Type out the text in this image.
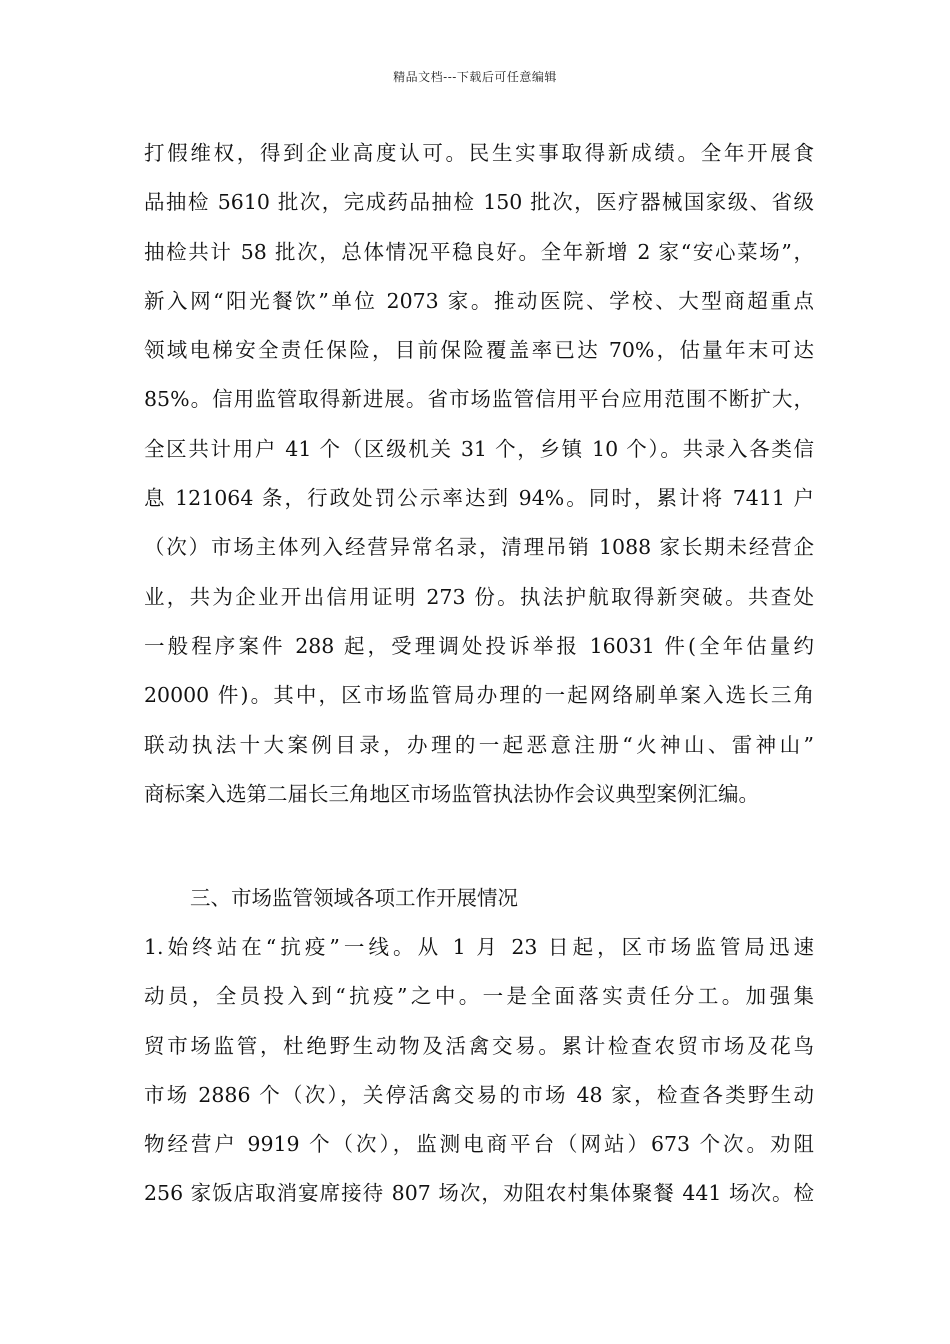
精品文档---下载后可任意编辑
打假维权，得到企业高度认可。民生实事取得新成绩。全年开展食
品抽检 5610 批次，完成药品抽检 150 批次，医疗器械国家级、省级
抽检共计 58 批次，总体情况平稳良好。全年新增 2 家“安心菜场”，
新入网“阳光餐饮”单位 2073 家。推动医院、学校、大型商超重点
领域电梯安全责任保险，目前保险覆盖率已达 70%，估量年末可达
85%。信用监管取得新进展。省市场监管信用平台应用范围不断扩大，
全区共计用户 41 个（区级机关 31 个，乡镇 10 个）。共录入各类信
息 121064 条，行政处罚公示率达到 94%。同时，累计将 7411 户
（次）市场主体列入经营异常名录，清理吊销 1088 家长期未经营企
业，共为企业开出信用证明 273 份。执法护航取得新突破。共查处
一般程序案件 288 起，受理调处投诉举报 16031 件(全年估量约
20000 件)。其中，区市场监管局办理的一起网络刷单案入选长三角
联动执法十大案例目录，办理的一起恶意注册“火神山、雷神山”
商标案入选第二届长三角地区市场监管执法协作会议典型案例汇编。
三、市场监管领域各项工作开展情况
1.始终站在“抗疫”一线。从 1 月 23 日起，区市场监管局迅速
动员，全员投入到“抗疫”之中。一是全面落实责任分工。加强集
贸市场监管，杜绝野生动物及活禽交易。累计检查农贸市场及花鸟
市场 2886 个（次），关停活禽交易的市场 48 家，检查各类野生动
物经营户 9919 个（次），监测电商平台（网站）673 个次。劝阻
256 家饭店取消宴席接待 807 场次，劝阻农村集体聚餐 441 场次。检
